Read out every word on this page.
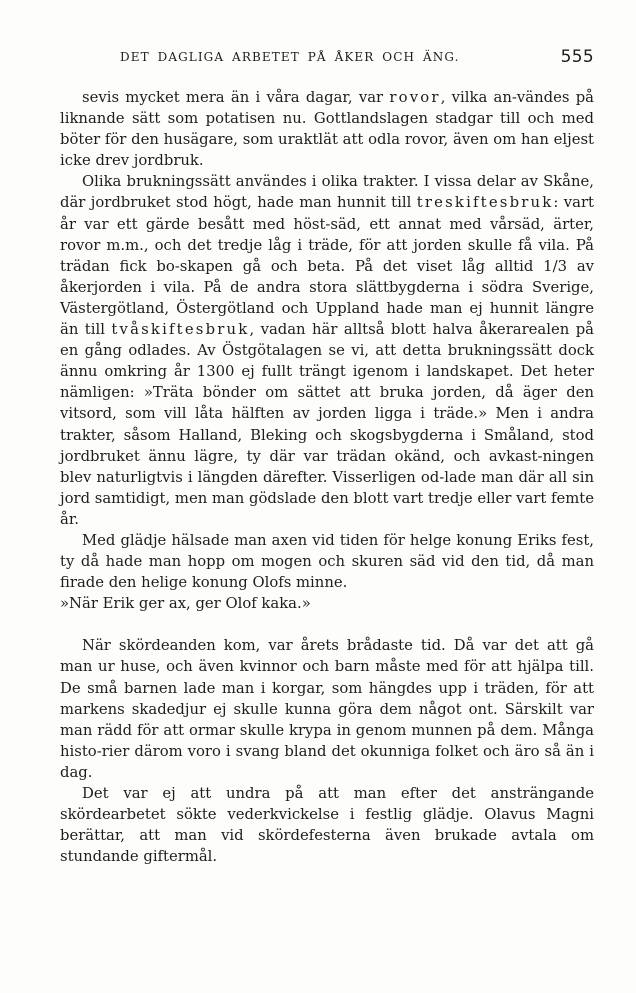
DET DAGLIGA ARBETET PÅ ÅKER OCH ÄNG.	555

sevis mycket mera än i våra dagar, var rovor, vilka an-vändes på liknande sätt som potatisen nu. Gottlandslagen stadgar till och med böter för den husägare, som uraktlät att odla rovor, även om han eljest icke drev jordbruk.

Olika brukningssätt användes i olika trakter. I vissa delar av Skåne, där jordbruket stod högt, hade man hunnit till treskiftesbruk: vart år var ett gärde besått med höst-säd, ett annat med vårsäd, ärter, rovor m.m., och det tredje låg i träde, för att jorden skulle få vila. På trädan fick bo-skapen gå och beta. På det viset låg alltid 1/3 av åkerjorden i vila. På de andra stora slättbygderna i södra Sverige, Västergötland, Östergötland och Uppland hade man ej hunnit längre än till tvåskiftesbruk, vadan här alltså blott halva åkerarealen på en gång odlades. Av Östgötalagen se vi, att detta brukningssätt dock ännu omkring år 1300 ej fullt trängt igenom i landskapet. Det heter nämligen: »Träta bönder om sättet att bruka jorden, då äger den vitsord, som vill låta hälften av jorden ligga i träde.» Men i andra trakter, såsom Halland, Bleking och skogsbygderna i Småland, stod jordbruket ännu lägre, ty där var trädan okänd, och avkast-ningen blev naturligtvis i längden därefter. Visserligen od-lade man där all sin jord samtidigt, men man gödslade den blott vart tredje eller vart femte år.

Med glädje hälsade man axen vid tiden för helge konung Eriks fest, ty då hade man hopp om mogen och skuren säd vid den tid, då man firade den helige konung Olofs minne.

»När Erik ger ax, ger Olof kaka.»

När skördeanden kom, var årets brådaste tid. Då var det att gå man ur huse, och även kvinnor och barn måste med för att hjälpa till. De små barnen lade man i korgar, som hängdes upp i träden, för att markens skadedjur ej skulle kunna göra dem något ont. Särskilt var man rädd för att ormar skulle krypa in genom munnen på dem. Många histo-rier därom voro i svang bland det okunniga folket och äro så än i dag.

Det var ej att undra på att man efter det ansträngande skördearbetet sökte vederkvickelse i festlig glädje. Olavus Magni berättar, att man vid skördefesterna även brukade avtala om stundande giftermål.
